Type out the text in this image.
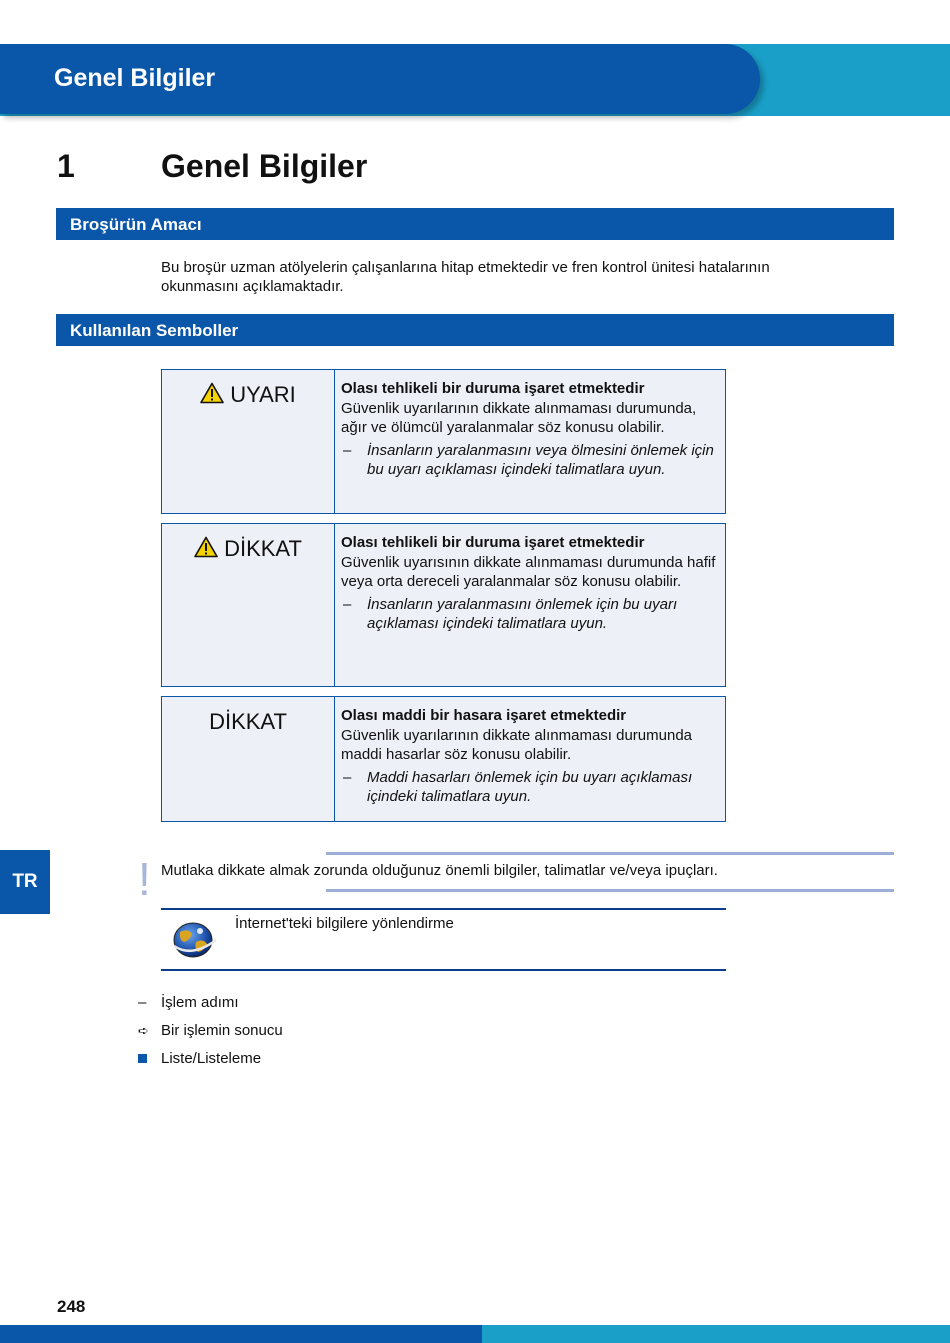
Genel Bilgiler
1	Genel Bilgiler
Broşürün Amacı
Bu broşür uzman atölyelerin çalışanlarına hitap etmektedir ve fren kontrol ünitesi hatalarının okunmasını açıklamaktadır.
Kullanılan Semboller
UYARI	Olası tehlikeli bir duruma işaret etmektedir
Güvenlik uyarılarının dikkate alınmaması durumunda, ağır ve ölümcül yaralanmalar söz konusu olabilir.
–	İnsanların yaralanmasını veya ölmesini önlemek için bu uyarı açıklaması içindeki talimatlara uyun.
DİKKAT	Olası tehlikeli bir duruma işaret etmektedir
Güvenlik uyarısının dikkate alınmaması durumunda hafif veya orta dereceli yaralanmalar söz konusu olabilir.
–	İnsanların yaralanmasını önlemek için bu uyarı açıklaması içindeki talimatlara uyun.
DİKKAT	Olası maddi bir hasara işaret etmektedir
Güvenlik uyarılarının dikkate alınmaması durumunda maddi hasarlar söz konusu olabilir.
–	Maddi hasarları önlemek için bu uyarı açıklaması içindeki talimatlara uyun.
TR ! Mutlaka dikkate almak zorunda olduğunuz önemli bilgiler, talimatlar ve/veya ipuçları.
İnternet'teki bilgilere yönlendirme
– İşlem adımı
➪ Bir işlemin sonucu
Liste/Listeleme
248
